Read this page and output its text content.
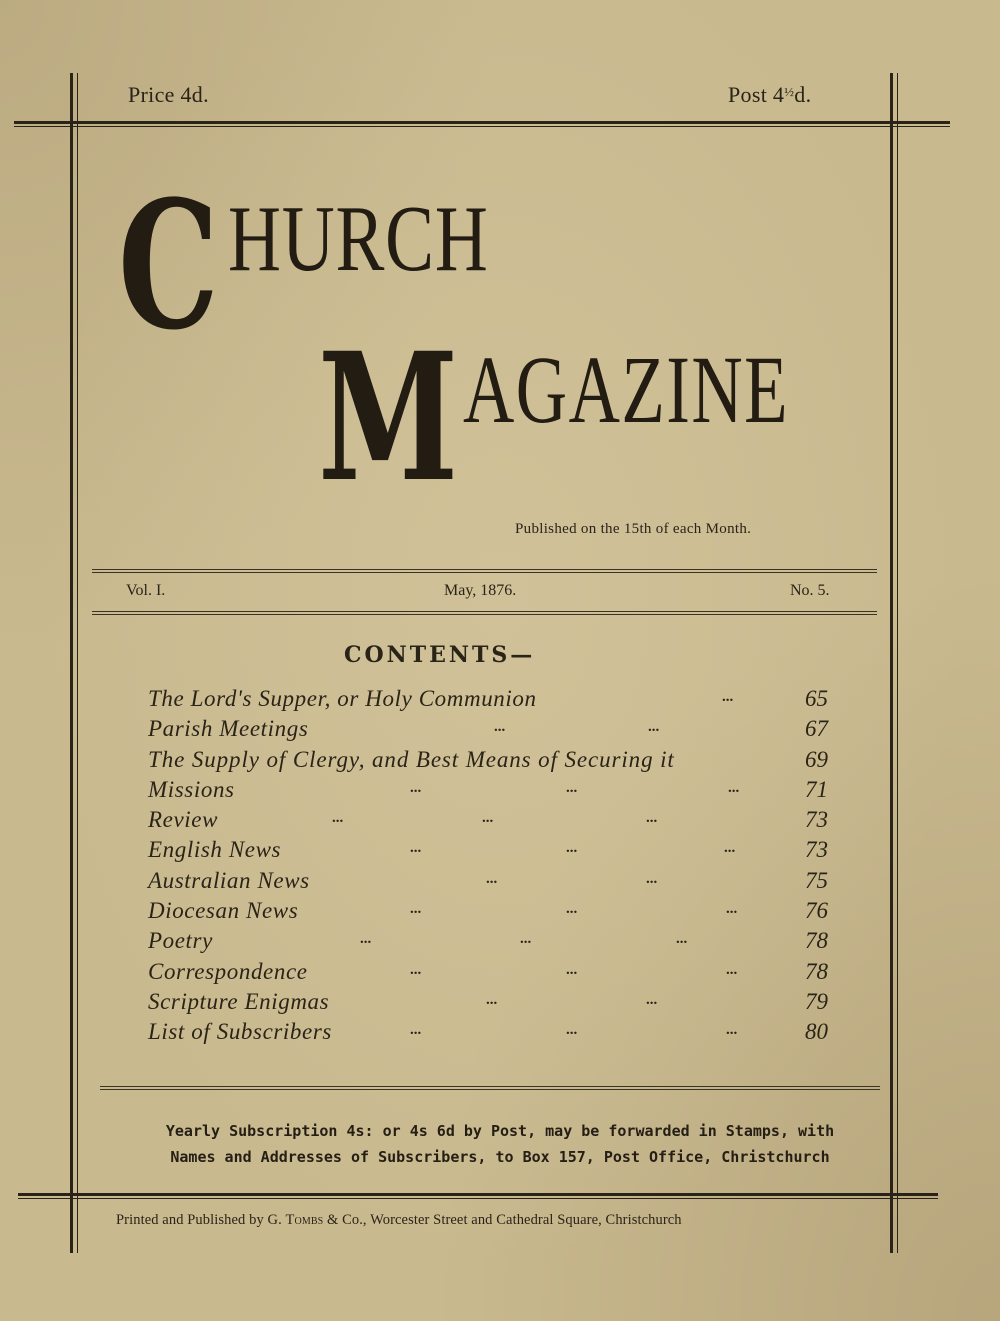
Price 4d.	Post $4^{\frac{1}{2}}d$.
C HURCH
M AGAZINE
Published on the 15th of each Month.
Vol. I.	May, 1876.	No. 5.
CONTENTS—
The Lord's Supper, or Holy Communion	...	65
Parish Meetings	...	...	67
The Supply of Clergy, and Best Means of Securing it	69
Missions	...	...	...	71
Review	...	...	...	73
English News	...	...	...	73
Australian News	...	...	75
Diocesan News	...	...	...	76
Poetry	...	...	...	78
Correspondence	...	...	...	78
Scripture Enigmas	...	...	79
List of Subscribers	...	...	...	80
Yearly Subscription 4s: or 4s 6d by Post, may be forwarded in Stamps, with
Names and Addresses of Subscribers, to Box 157, Post Office, Christchurch
Printed and Published by G. Tombs & Co., Worcester Street and Cathedral Square, Christchurch
